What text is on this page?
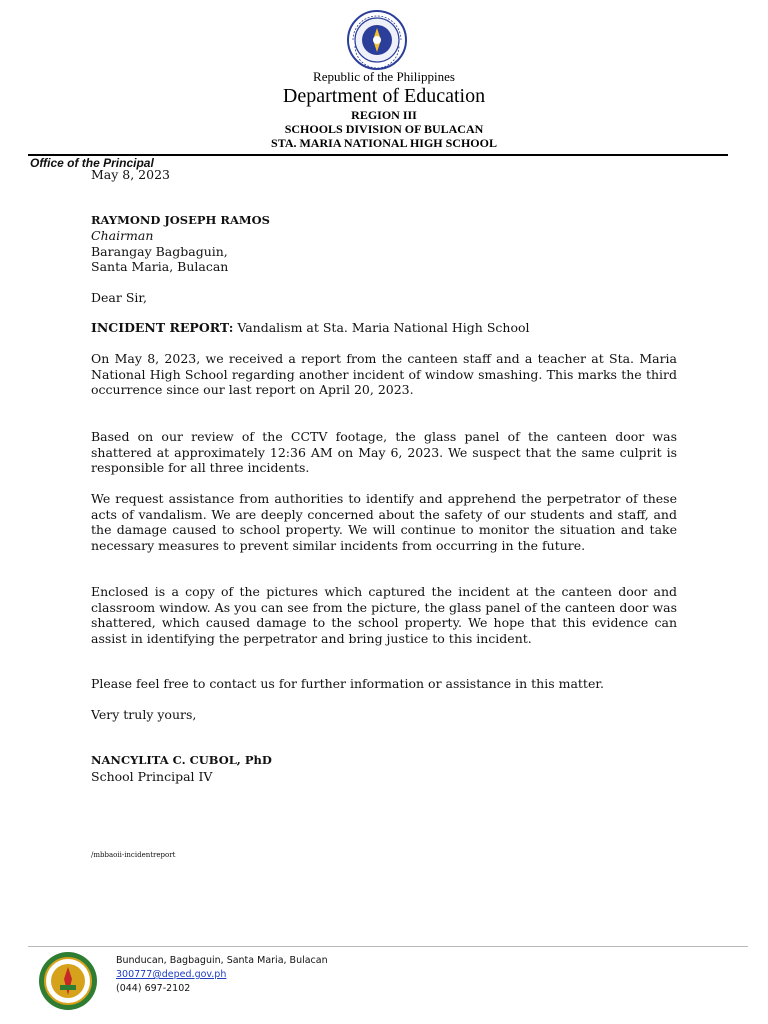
Republic of the Philippines
Department of Education
REGION III
SCHOOLS DIVISION OF BULACAN
STA. MARIA NATIONAL HIGH SCHOOL
Office of the Principal
May 8, 2023
RAYMOND JOSEPH RAMOS
Chairman
Barangay Bagbaguin,
Santa Maria, Bulacan
Dear Sir,
INCIDENT REPORT: Vandalism at Sta. Maria National High School
On May 8, 2023, we received a report from the canteen staff and a teacher at Sta. Maria National High School regarding another incident of window smashing. This marks the third occurrence since our last report on April 20, 2023.
Based on our review of the CCTV footage, the glass panel of the canteen door was shattered at approximately 12:36 AM on May 6, 2023. We suspect that the same culprit is responsible for all three incidents.
We request assistance from authorities to identify and apprehend the perpetrator of these acts of vandalism. We are deeply concerned about the safety of our students and staff, and the damage caused to school property. We will continue to monitor the situation and take necessary measures to prevent similar incidents from occurring in the future.
Enclosed is a copy of the pictures which captured the incident at the canteen door and classroom window. As you can see from the picture, the glass panel of the canteen door was shattered, which caused damage to the school property. We hope that this evidence can assist in identifying the perpetrator and bring justice to this incident.
Please feel free to contact us for further information or assistance in this matter.
Very truly yours,
NANCYLITA C. CUBOL, PhD
School Principal IV
/mbbaoii-incidentreport
Bunducan, Bagbaguin, Santa Maria, Bulacan
300777@deped.gov.ph
(044) 697-2102
